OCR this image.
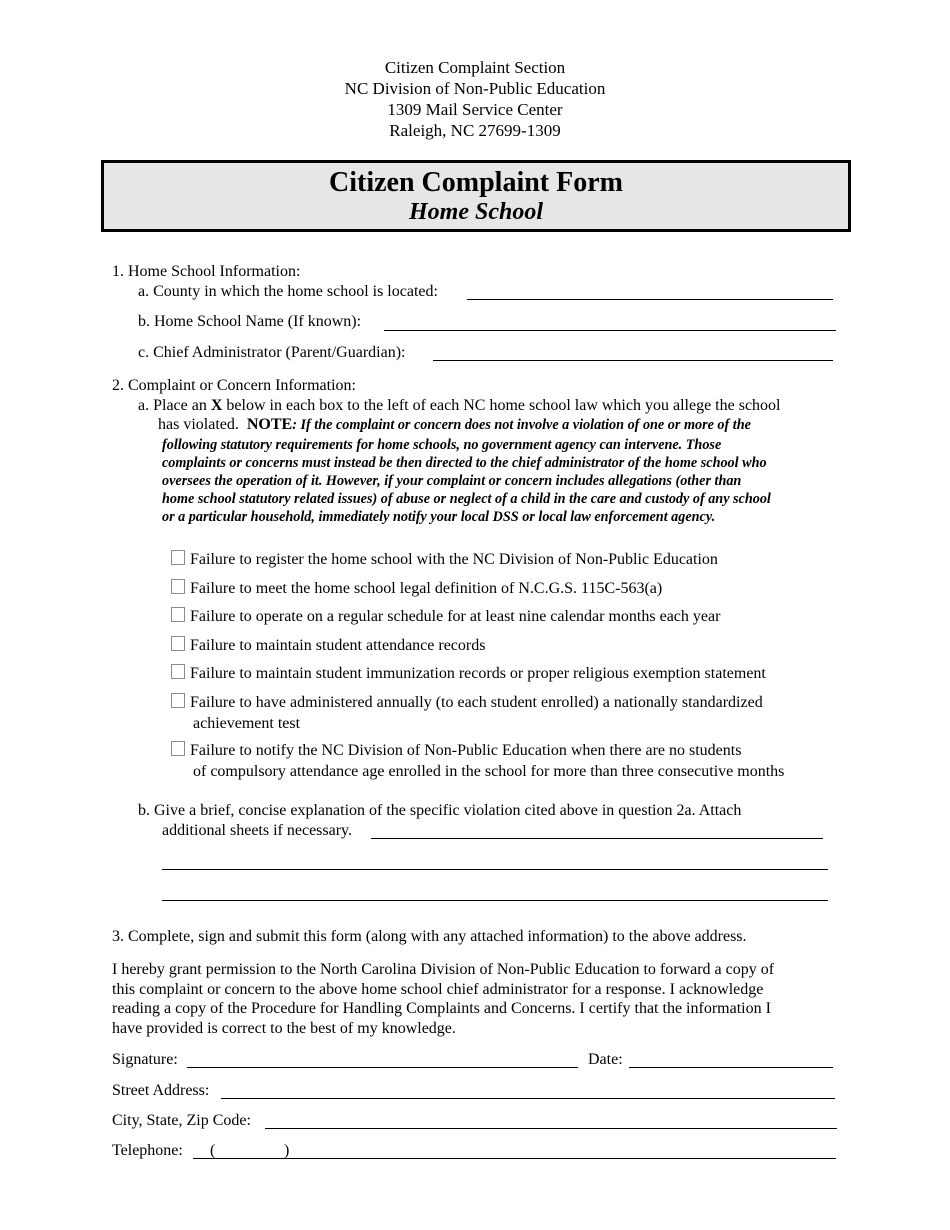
Citizen Complaint Section
NC Division of Non-Public Education
1309 Mail Service Center
Raleigh, NC 27699-1309
Citizen Complaint Form
Home School
1. Home School Information:
a. County in which the home school is located:
b. Home School Name (If known):
c. Chief Administrator (Parent/Guardian):
2. Complaint or Concern Information:
a. Place an X below in each box to the left of each NC home school law which you allege the school
has violated. NOTE: If the complaint or concern does not involve a violation of one or more of the
following statutory requirements for home schools, no government agency can intervene. Those
complaints or concerns must instead be then directed to the chief administrator of the home school who
oversees the operation of it. However, if your complaint or concern includes allegations (other than
home school statutory related issues) of abuse or neglect of a child in the care and custody of any school
or a particular household, immediately notify your local DSS or local law enforcement agency.
Failure to register the home school with the NC Division of Non-Public Education
Failure to meet the home school legal definition of N.C.G.S. 115C-563(a)
Failure to operate on a regular schedule for at least nine calendar months each year
Failure to maintain student attendance records
Failure to maintain student immunization records or proper religious exemption statement
Failure to have administered annually (to each student enrolled) a nationally standardized
achievement test
Failure to notify the NC Division of Non-Public Education when there are no students
of compulsory attendance age enrolled in the school for more than three consecutive months
b. Give a brief, concise explanation of the specific violation cited above in question 2a. Attach
additional sheets if necessary.
3. Complete, sign and submit this form (along with any attached information) to the above address.
I hereby grant permission to the North Carolina Division of Non-Public Education to forward a copy of
this complaint or concern to the above home school chief administrator for a response. I acknowledge
reading a copy of the Procedure for Handling Complaints and Concerns. I certify that the information I
have provided is correct to the best of my knowledge.
Signature:	Date:
Street Address:
City, State, Zip Code:
Telephone: (	)
